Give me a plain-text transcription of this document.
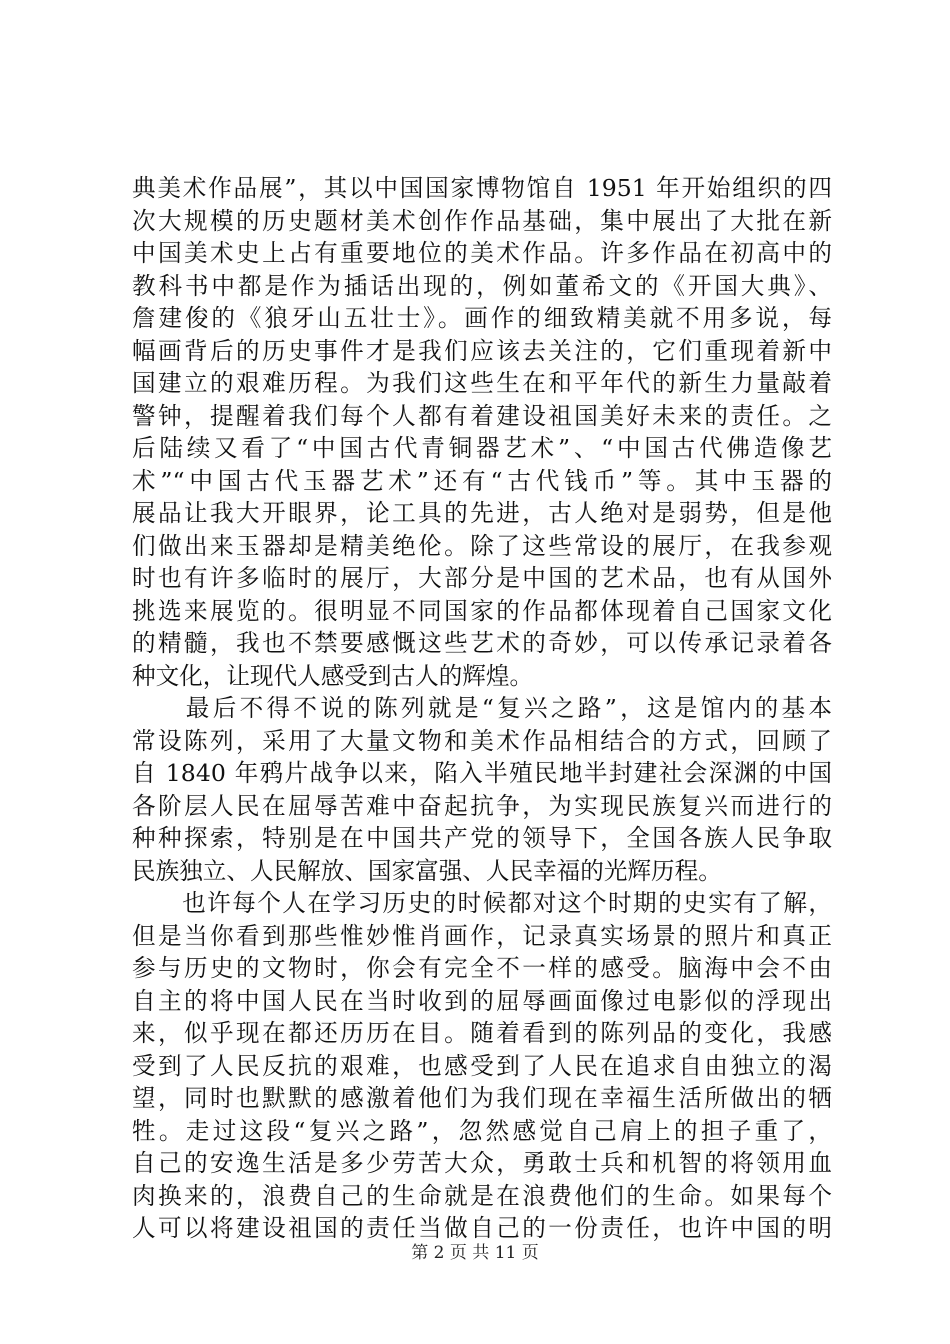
典美术作品展”，其以中国国家博物馆自 1951 年开始组织的四
次大规模的历史题材美术创作作品基础，集中展出了大批在新
中国美术史上占有重要地位的美术作品。许多作品在初高中的
教科书中都是作为插话出现的，例如董希文的《开国大典》、
詹建俊的《狼牙山五壮士》。画作的细致精美就不用多说，每
幅画背后的历史事件才是我们应该去关注的，它们重现着新中
国建立的艰难历程。为我们这些生在和平年代的新生力量敲着
警钟，提醒着我们每个人都有着建设祖国美好未来的责任。之
后陆续又看了“中国古代青铜器艺术”、“中国古代佛造像艺
术”“中国古代玉器艺术”还有“古代钱币”等。其中玉器的
展品让我大开眼界，论工具的先进，古人绝对是弱势，但是他
们做出来玉器却是精美绝伦。除了这些常设的展厅，在我参观
时也有许多临时的展厅，大部分是中国的艺术品，也有从国外
挑选来展览的。很明显不同国家的作品都体现着自己国家文化
的精髓，我也不禁要感慨这些艺术的奇妙，可以传承记录着各
种文化，让现代人感受到古人的辉煌。
　　最后不得不说的陈列就是“复兴之路”，这是馆内的基本
常设陈列，采用了大量文物和美术作品相结合的方式，回顾了
自 1840 年鸦片战争以来，陷入半殖民地半封建社会深渊的中国
各阶层人民在屈辱苦难中奋起抗争，为实现民族复兴而进行的
种种探索，特别是在中国共产党的领导下，全国各族人民争取
民族独立、人民解放、国家富强、人民幸福的光辉历程。
　　也许每个人在学习历史的时候都对这个时期的史实有了解，
但是当你看到那些惟妙惟肖画作，记录真实场景的照片和真正
参与历史的文物时，你会有完全不一样的感受。脑海中会不由
自主的将中国人民在当时收到的屈辱画面像过电影似的浮现出
来，似乎现在都还历历在目。随着看到的陈列品的变化，我感
受到了人民反抗的艰难，也感受到了人民在追求自由独立的渴
望，同时也默默的感激着他们为我们现在幸福生活所做出的牺
牲。走过这段“复兴之路”，忽然感觉自己肩上的担子重了，
自己的安逸生活是多少劳苦大众，勇敢士兵和机智的将领用血
肉换来的，浪费自己的生命就是在浪费他们的生命。如果每个
人可以将建设祖国的责任当做自己的一份责任，也许中国的明
第 2 页 共 11 页
